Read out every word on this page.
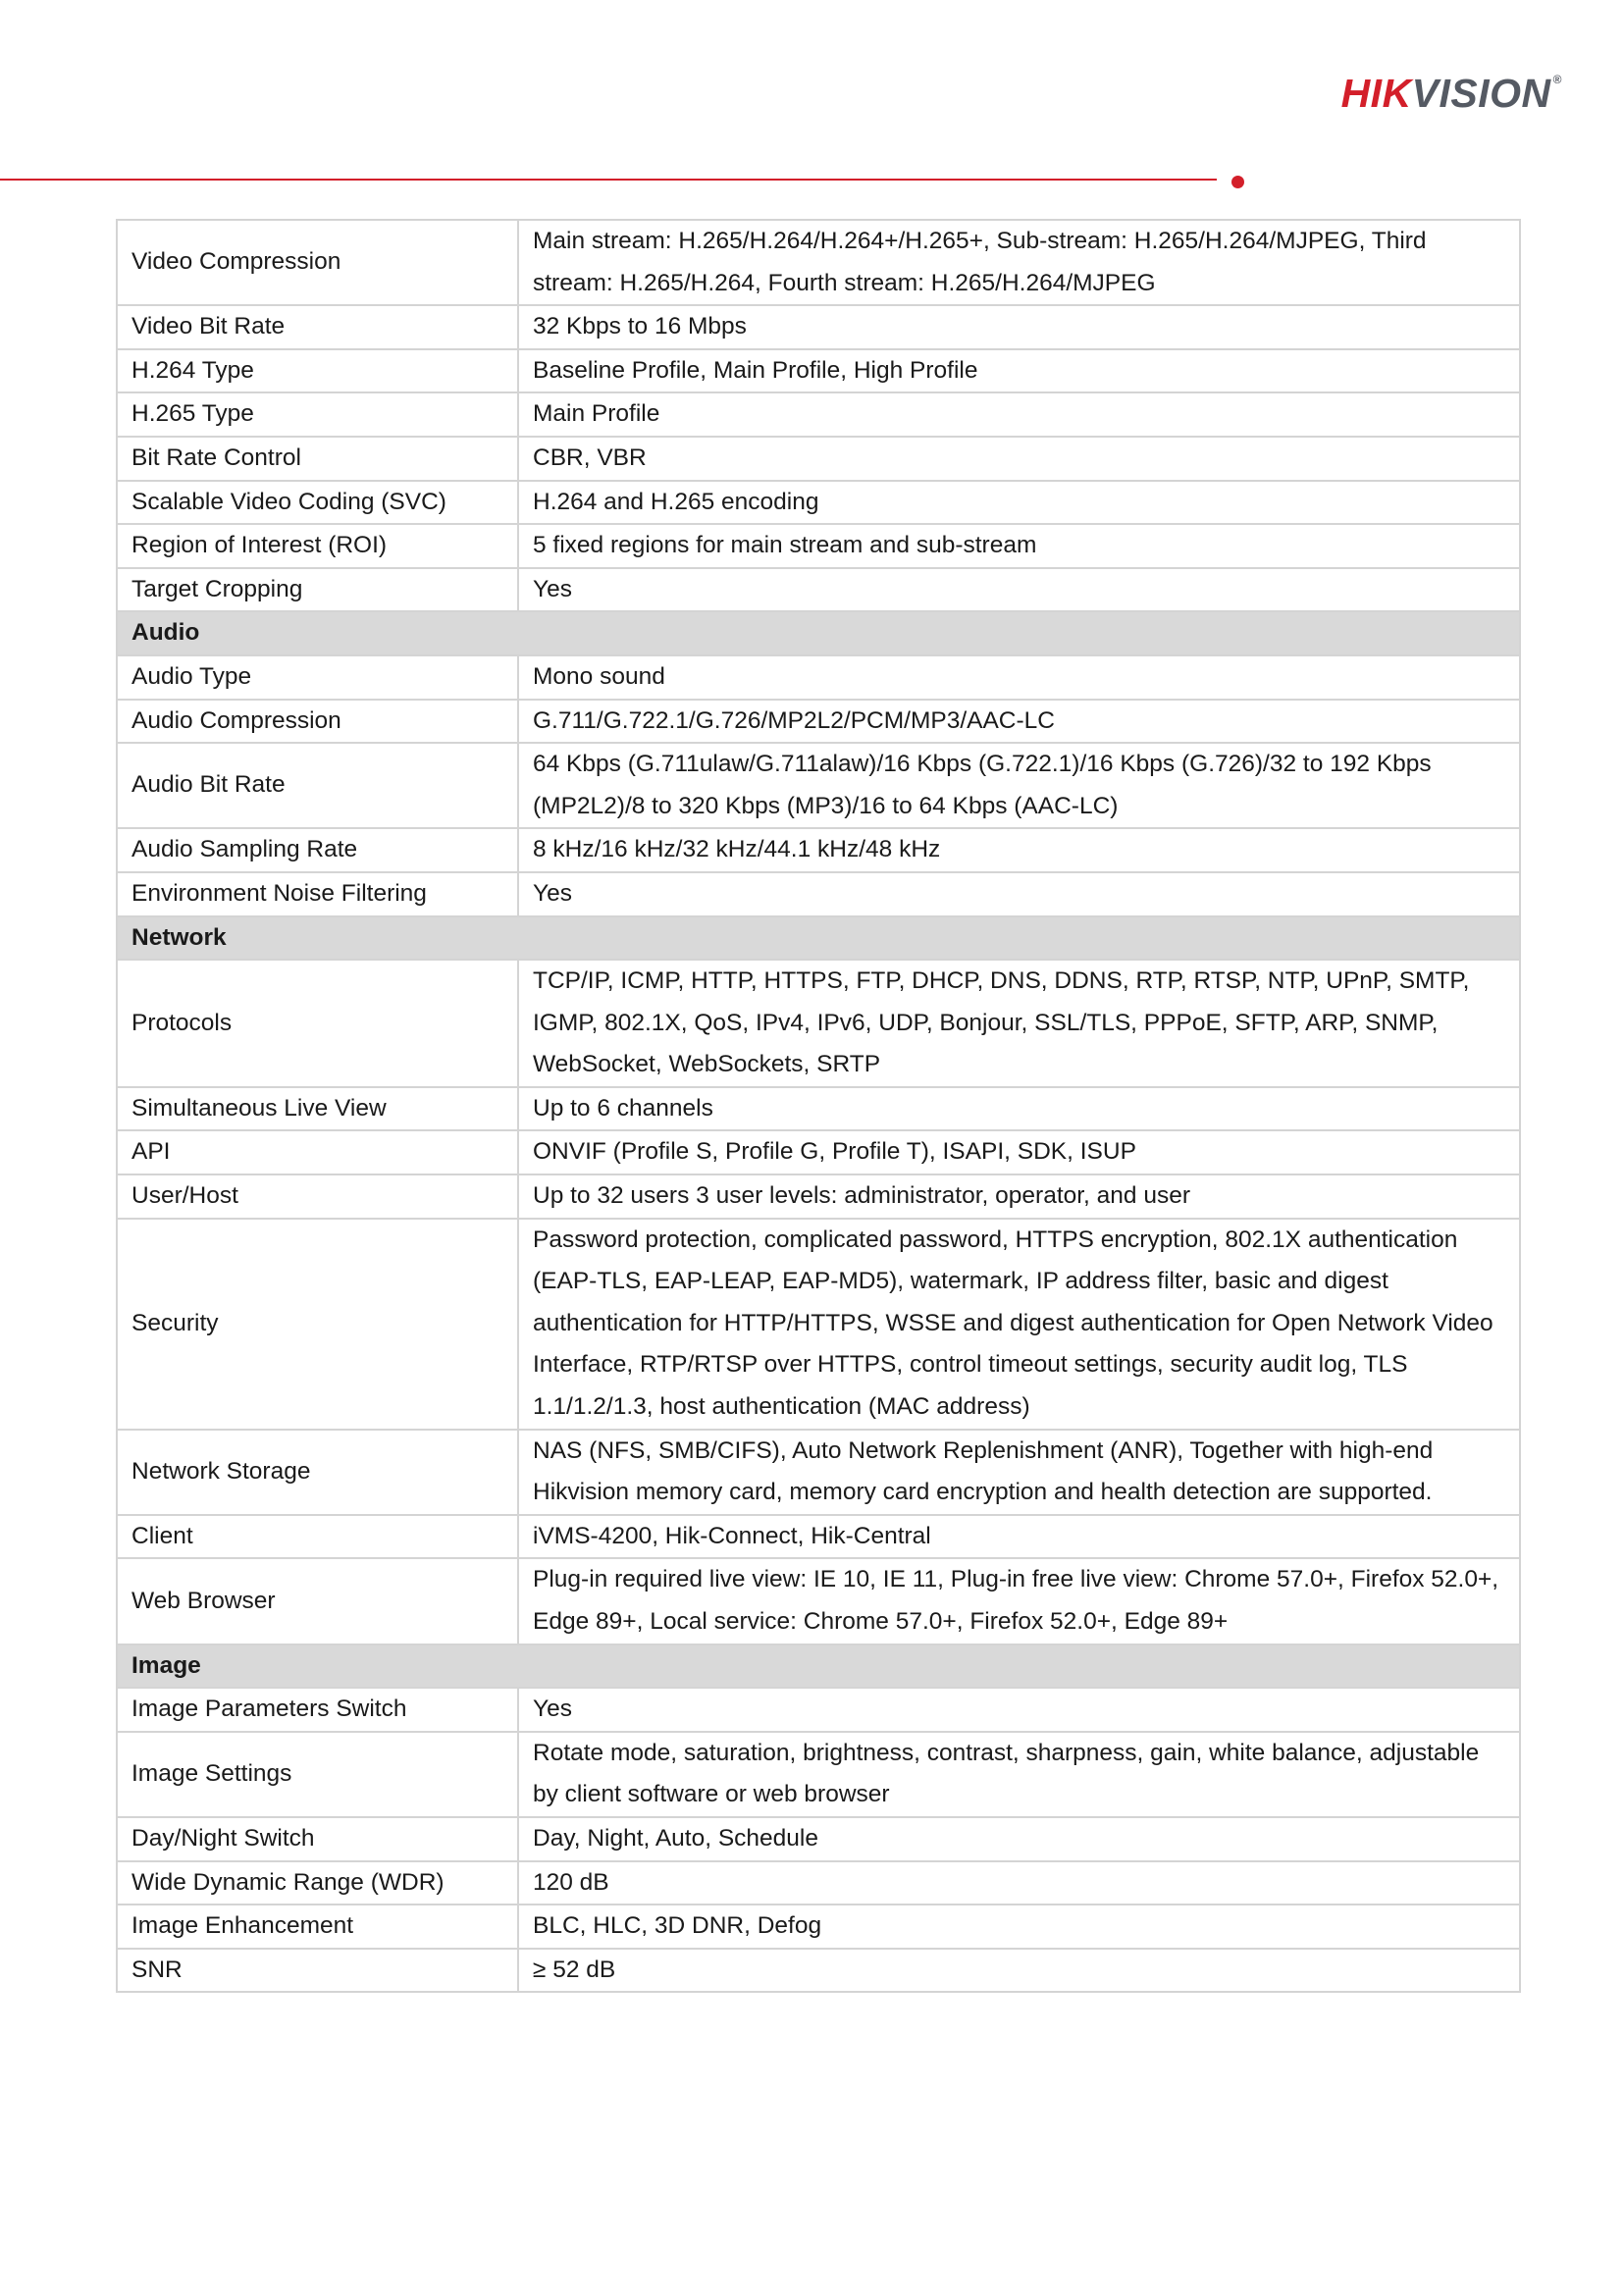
HIKVISION ®
Video Compression	Main stream: H.265/H.264/H.264+/H.265+, Sub-stream: H.265/H.264/MJPEG, Third stream: H.265/H.264, Fourth stream: H.265/H.264/MJPEG
Video Bit Rate	32 Kbps to 16 Mbps
H.264 Type	Baseline Profile, Main Profile, High Profile
H.265 Type	Main Profile
Bit Rate Control	CBR, VBR
Scalable Video Coding (SVC)	H.264 and H.265 encoding
Region of Interest (ROI)	5 fixed regions for main stream and sub-stream
Target Cropping	Yes
Audio	
Audio Type	Mono sound
Audio Compression	G.711/G.722.1/G.726/MP2L2/PCM/MP3/AAC-LC
Audio Bit Rate	64 Kbps (G.711ulaw/G.711alaw)/16 Kbps (G.722.1)/16 Kbps (G.726)/32 to 192 Kbps (MP2L2)/8 to 320 Kbps (MP3)/16 to 64 Kbps (AAC-LC)
Audio Sampling Rate	8 kHz/16 kHz/32 kHz/44.1 kHz/48 kHz
Environment Noise Filtering	Yes
Network	
Protocols	TCP/IP, ICMP, HTTP, HTTPS, FTP, DHCP, DNS, DDNS, RTP, RTSP, NTP, UPnP, SMTP, IGMP, 802.1X, QoS, IPv4, IPv6, UDP, Bonjour, SSL/TLS, PPPoE, SFTP, ARP, SNMP, WebSocket, WebSockets, SRTP
Simultaneous Live View	Up to 6 channels
API	ONVIF (Profile S, Profile G, Profile T), ISAPI, SDK, ISUP
User/Host	Up to 32 users 3 user levels: administrator, operator, and user
Security	Password protection, complicated password, HTTPS encryption, 802.1X authentication (EAP-TLS, EAP-LEAP, EAP-MD5), watermark, IP address filter, basic and digest authentication for HTTP/HTTPS, WSSE and digest authentication for Open Network Video Interface, RTP/RTSP over HTTPS, control timeout settings, security audit log, TLS 1.1/1.2/1.3, host authentication (MAC address)
Network Storage	NAS (NFS, SMB/CIFS), Auto Network Replenishment (ANR), Together with high-end Hikvision memory card, memory card encryption and health detection are supported.
Client	iVMS-4200, Hik-Connect, Hik-Central
Web Browser	Plug-in required live view: IE 10, IE 11, Plug-in free live view: Chrome 57.0+, Firefox 52.0+, Edge 89+, Local service: Chrome 57.0+, Firefox 52.0+, Edge 89+
Image	
Image Parameters Switch	Yes
Image Settings	Rotate mode, saturation, brightness, contrast, sharpness, gain, white balance, adjustable by client software or web browser
Day/Night Switch	Day, Night, Auto, Schedule
Wide Dynamic Range (WDR)	120 dB
Image Enhancement	BLC, HLC, 3D DNR, Defog
SNR	≥ 52 dB
